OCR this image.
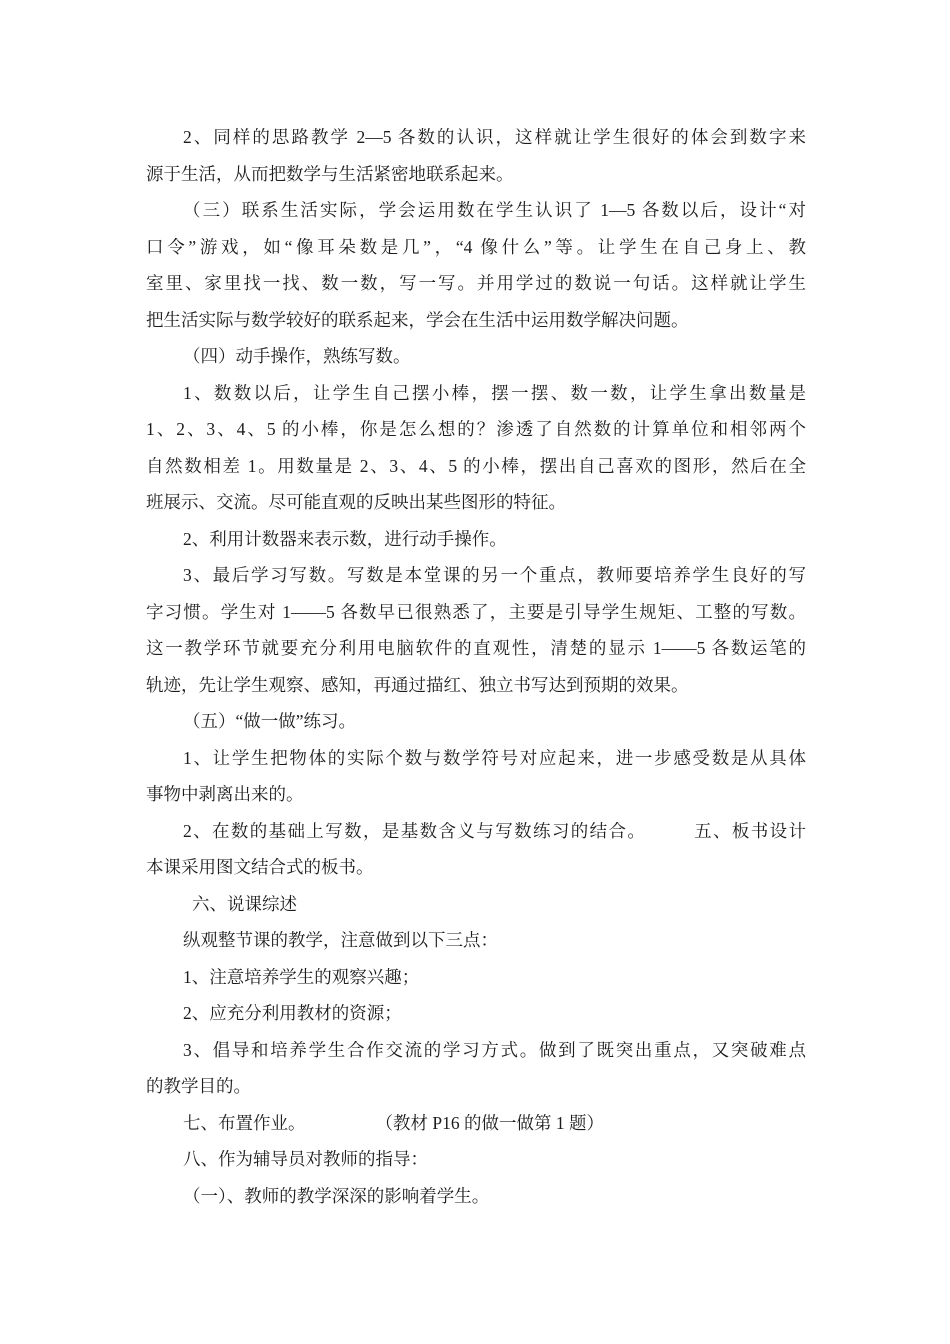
2、同样的思路教学 2—5 各数的认识，这样就让学生很好的体会到数字来
源于生活，从而把数学与生活紧密地联系起来。
（三）联系生活实际，学会运用数在学生认识了 1—5 各数以后，设计“对
口令”游戏，如“像耳朵数是几”，“4 像什么”等。让学生在自己身上、教
室里、家里找一找、数一数，写一写。并用学过的数说一句话。这样就让学生
把生活实际与数学较好的联系起来，学会在生活中运用数学解决问题。
（四）动手操作，熟练写数。
1、数数以后，让学生自己摆小棒，摆一摆、数一数，让学生拿出数量是
1、2、3、4、5 的小棒，你是怎么想的？渗透了自然数的计算单位和相邻两个
自然数相差 1。用数量是 2、3、4、5 的小棒，摆出自己喜欢的图形，然后在全
班展示、交流。尽可能直观的反映出某些图形的特征。
2、利用计数器来表示数，进行动手操作。
3、最后学习写数。写数是本堂课的另一个重点，教师要培养学生良好的写
字习惯。学生对 1——5 各数早已很熟悉了，主要是引导学生规矩、工整的写数。
这一教学环节就要充分利用电脑软件的直观性，清楚的显示 1——5 各数运笔的
轨迹，先让学生观察、感知，再通过描红、独立书写达到预期的效果。
（五）“做一做”练习。
1、让学生把物体的实际个数与数学符号对应起来，进一步感受数是从具体
事物中剥离出来的。
2、在数的基础上写数，是基数含义与写数练习的结合。　　　五、板书设计
本课采用图文结合式的板书。
六、说课综述
纵观整节课的教学，注意做到以下三点：
1、注意培养学生的观察兴趣；
2、应充分利用教材的资源；
3、倡导和培养学生合作交流的学习方式。做到了既突出重点，又突破难点
的教学目的。
七、布置作业。　　　　　（教材 P16 的做一做第 1 题）
八、作为辅导员对教师的指导：
（一）、教师的教学深深的影响着学生。
